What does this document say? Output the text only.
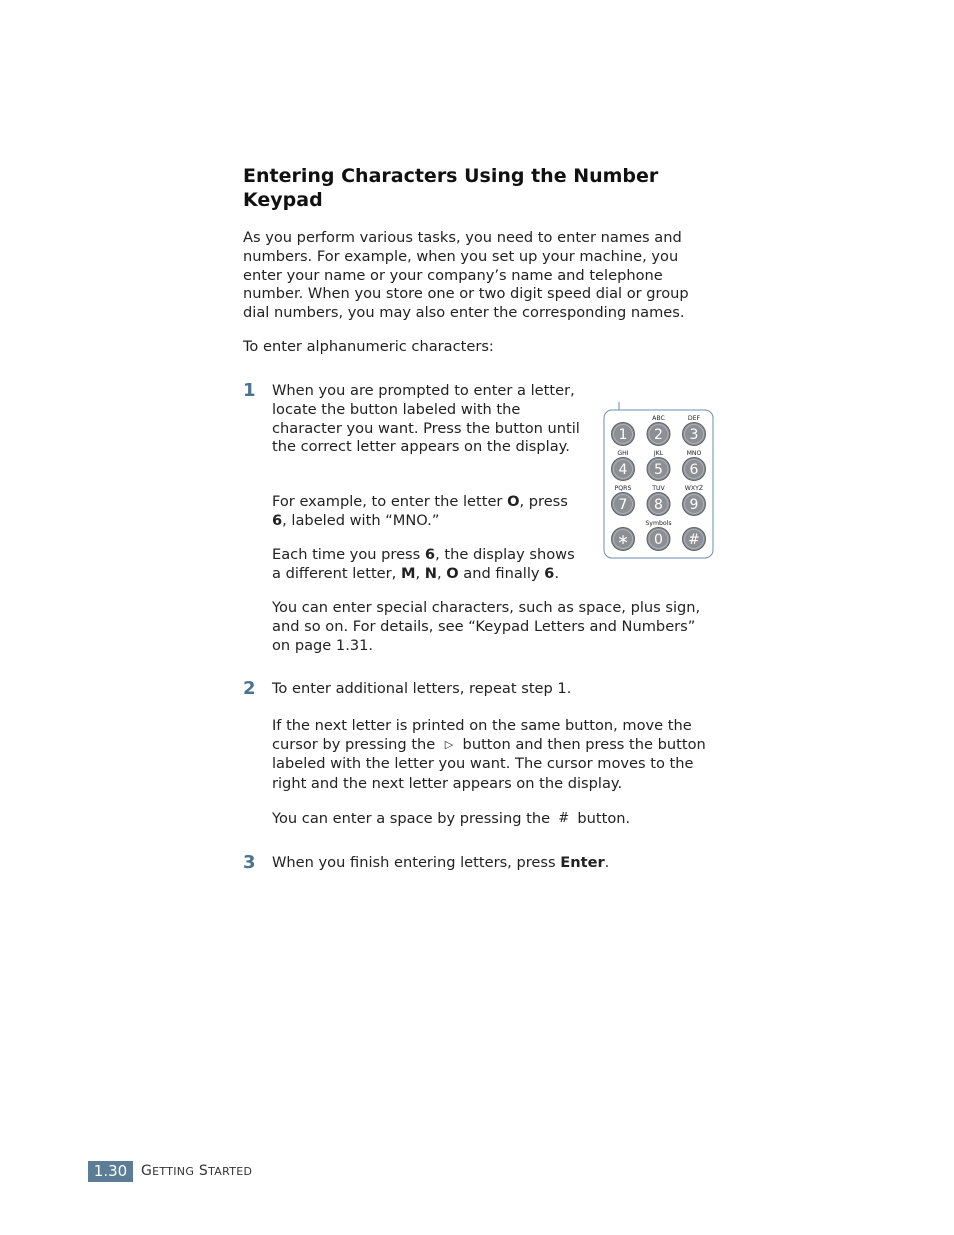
Entering Characters Using the Number Keypad

As you perform various tasks, you need to enter names and numbers. For example, when you set up your machine, you enter your name or your company’s name and telephone number. When you store one or two digit speed dial or group dial numbers, you may also enter the corresponding names.

To enter alphanumeric characters:

1 When you are prompted to enter a letter, locate the button labeled with the character you want. Press the button until the correct letter appears on the display.

For example, to enter the letter O, press 6, labeled with “MNO.”

Each time you press 6, the display shows a different letter, M, N, O and finally 6.

You can enter special characters, such as space, plus sign, and so on. For details, see “Keypad Letters and Numbers” on page 1.31.

1
ABC
2
DEF
3
GHI
4
JKL
5
MNO
6
PQRS
7
TUV
8
WXYZ
9
∗
Symbols
0 #
2 To enter additional letters, repeat step 1.

If the next letter is printed on the same button, move the cursor by pressing the ▷ button and then press the button labeled with the letter you want. The cursor moves to the right and the next letter appears on the display.

You can enter a space by pressing the # button.

3 When you finish entering letters, press Enter.

1.30 GETTING STARTED
